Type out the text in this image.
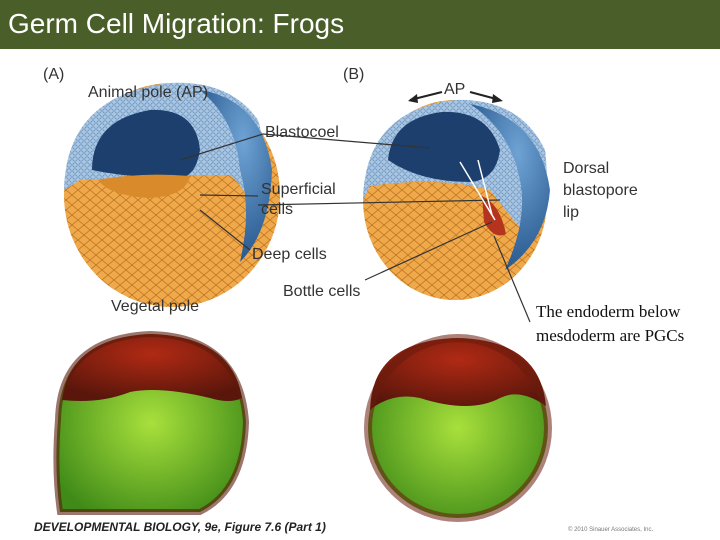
Germ Cell Migration: Frogs
(A)	(B)
Animal pole (AP)	AP
Blastocoel
Superficial
cells
Deep cells
Bottle cells
Vegetal pole
Dorsal
blastopore
lip
The endoderm below
mesdoderm are PGCs
DEVELOPMENTAL BIOLOGY, 9e, Figure 7.6 (Part 1)	© 2010 Sinauer Associates, Inc.
